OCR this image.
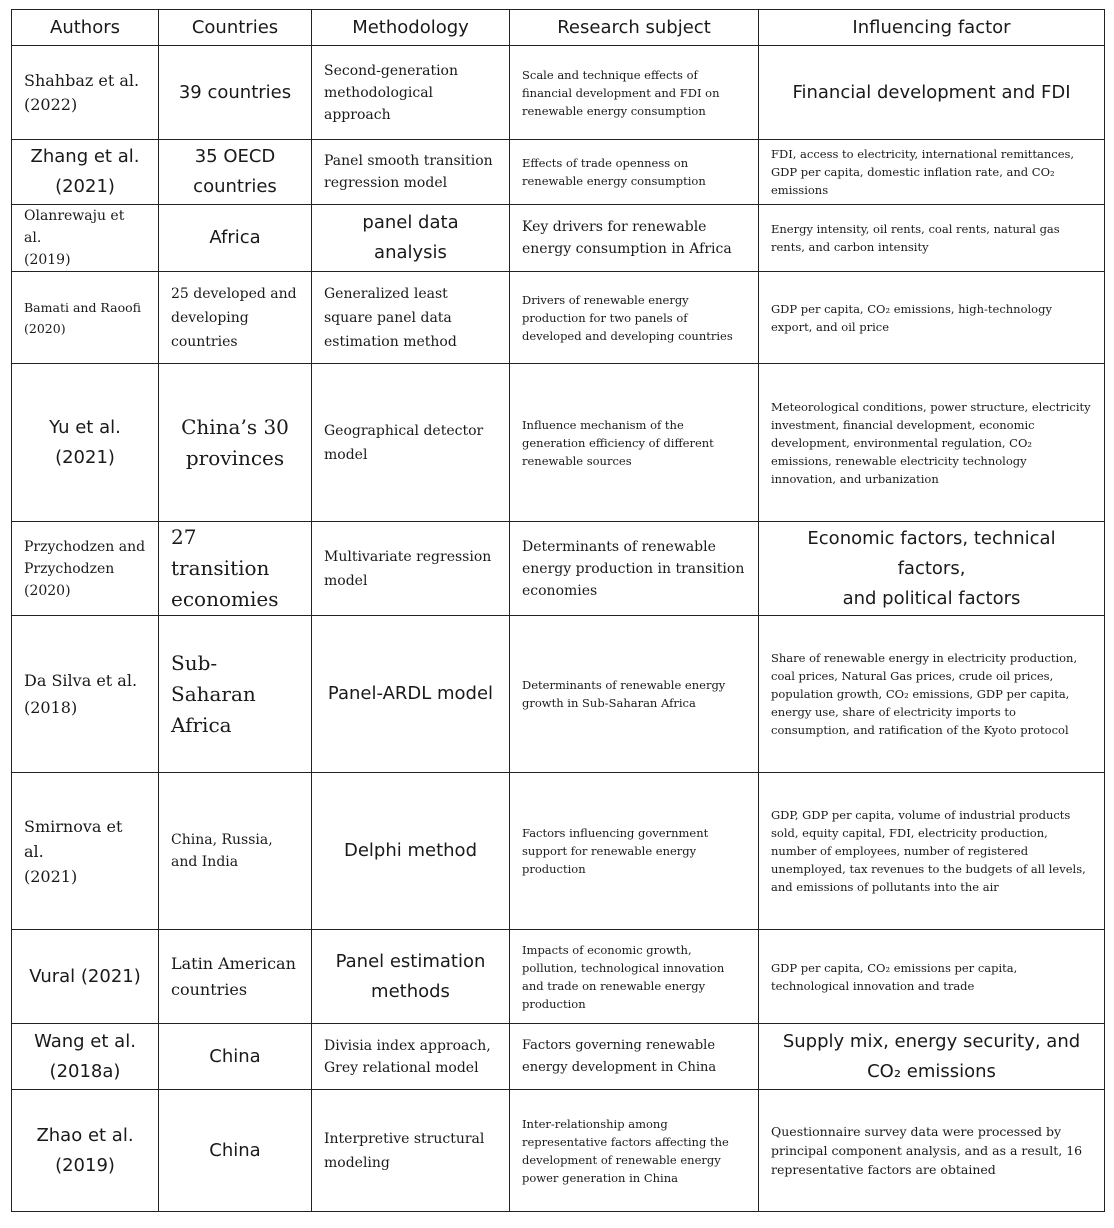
Authors	Countries	Methodology	Research subject	Influencing factor

Shahbaz et al.
(2022)	39 countries	Second-generation
methodological approach	Scale and technique effects of financial development and FDI on renewable energy consumption	Financial development and FDI

Zhang et al.
(2021)	35 OECD
countries	Panel smooth transition regression model	Effects of trade openness on renewable energy consumption	FDI, access to electricity, international remittances, GDP per capita, domestic inflation rate, and CO₂ emissions

Olanrewaju et al.
(2019)	Africa	panel data analysis	Key drivers for renewable energy consumption in Africa	Energy intensity, oil rents, coal rents, natural gas rents, and carbon intensity

Bamati and Raoofi
(2020)	25 developed and developing countries	Generalized least square panel data estimation method	Drivers of renewable energy production for two panels of developed and developing countries	GDP per capita, CO₂ emissions, high-technology export, and oil price

Yu et al.
(2021)	China’s 30
provinces	Geographical detector model	Influence mechanism of the generation efficiency of different renewable sources	Meteorological conditions, power structure, electricity investment, financial development, economic development, environmental regulation, CO₂ emissions, renewable electricity technology innovation, and urbanization

Przychodzen and Przychodzen
(2020)	27 transition
economies	Multivariate regression model	Determinants of renewable energy production in transition economies	Economic factors, technical factors,
and political factors

Da Silva et al.
(2018)	Sub-Saharan
Africa	Panel-ARDL model	Determinants of renewable energy growth in Sub-Saharan Africa	Share of renewable energy in electricity production, coal prices, Natural Gas prices, crude oil prices, population growth, CO₂ emissions, GDP per capita, energy use, share of electricity imports to consumption, and ratification of the Kyoto protocol

Smirnova et al.
(2021)	China, Russia, and India	Delphi method	Factors influencing government support for renewable energy production	GDP, GDP per capita, volume of industrial products sold, equity capital, FDI, electricity production, number of employees, number of registered unemployed, tax revenues to the budgets of all levels, and emissions of pollutants into the air

Vural (2021)	Latin American countries	Panel estimation
methods	Impacts of economic growth, pollution, technological innovation and trade on renewable energy production	GDP per capita, CO₂ emissions per capita, technological innovation and trade

Wang et al.
(2018a)	China	Divisia index approach, Grey relational model	Factors governing renewable energy development in China	Supply mix, energy security, and
CO₂ emissions

Zhao et al.
(2019)	China	Interpretive structural modeling	Inter-relationship among representative factors affecting the development of renewable energy power generation in China	Questionnaire survey data were processed by principal component analysis, and as a result, 16 representative factors are obtained
